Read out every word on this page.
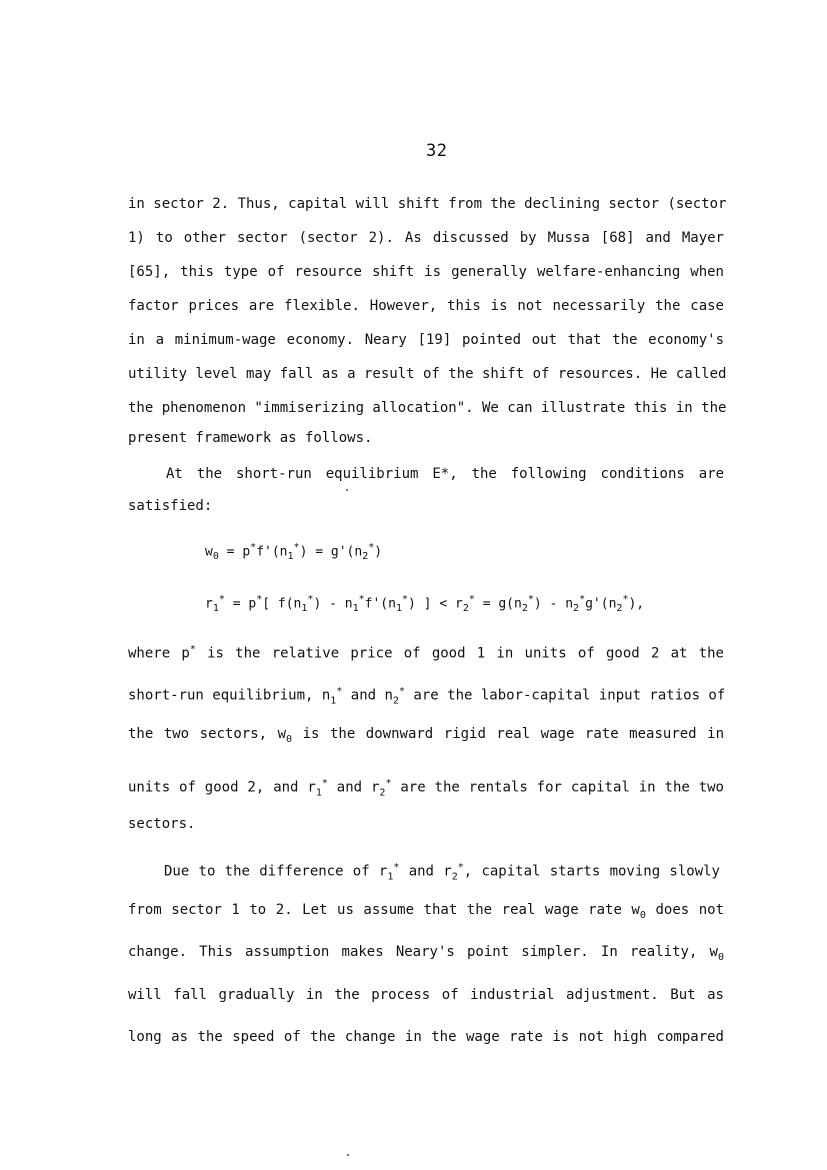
32
in sector 2. Thus, capital will shift from the declining sector (sector
1) to other sector (sector 2). As discussed by Mussa [68] and Mayer
[65], this type of resource shift is generally welfare-enhancing when
factor prices are flexible. However, this is not necessarily the case
in a minimum-wage economy. Neary [19] pointed out that the economy's
utility level may fall as a result of the shift of resources. He called
the phenomenon "immiserizing allocation". We can illustrate this in the
present framework as follows.
At the short-run equilibrium E*, the following conditions are
satisfied:
$w_0 = p^*f'(n_1^*) = g'(n_2^*)$
$r_1^* = p^*$[ $f(n_1^*) - n_1^*f'(n_1^*)$ ] < $r_2^* = g(n_2^*) - n_2^*g'(n_2^*)$,
where p* is the relative price of good 1 in units of good 2 at the
short-run equilibrium, $n_1^*$ and $n_2^*$ are the labor-capital input ratios of
the two sectors, $w_0$ is the downward rigid real wage rate measured in
units of good 2, and $r_1^*$ and $r_2^*$ are the rentals for capital in the two
sectors.
Due to the difference of $r_1^*$ and $r_2^*$, capital starts moving slowly
from sector 1 to 2. Let us assume that the real wage rate $w_0$ does not
change. This assumption makes Neary's point simpler. In reality, $w_0$
will fall gradually in the process of industrial adjustment. But as
long as the speed of the change in the wage rate is not high compared
